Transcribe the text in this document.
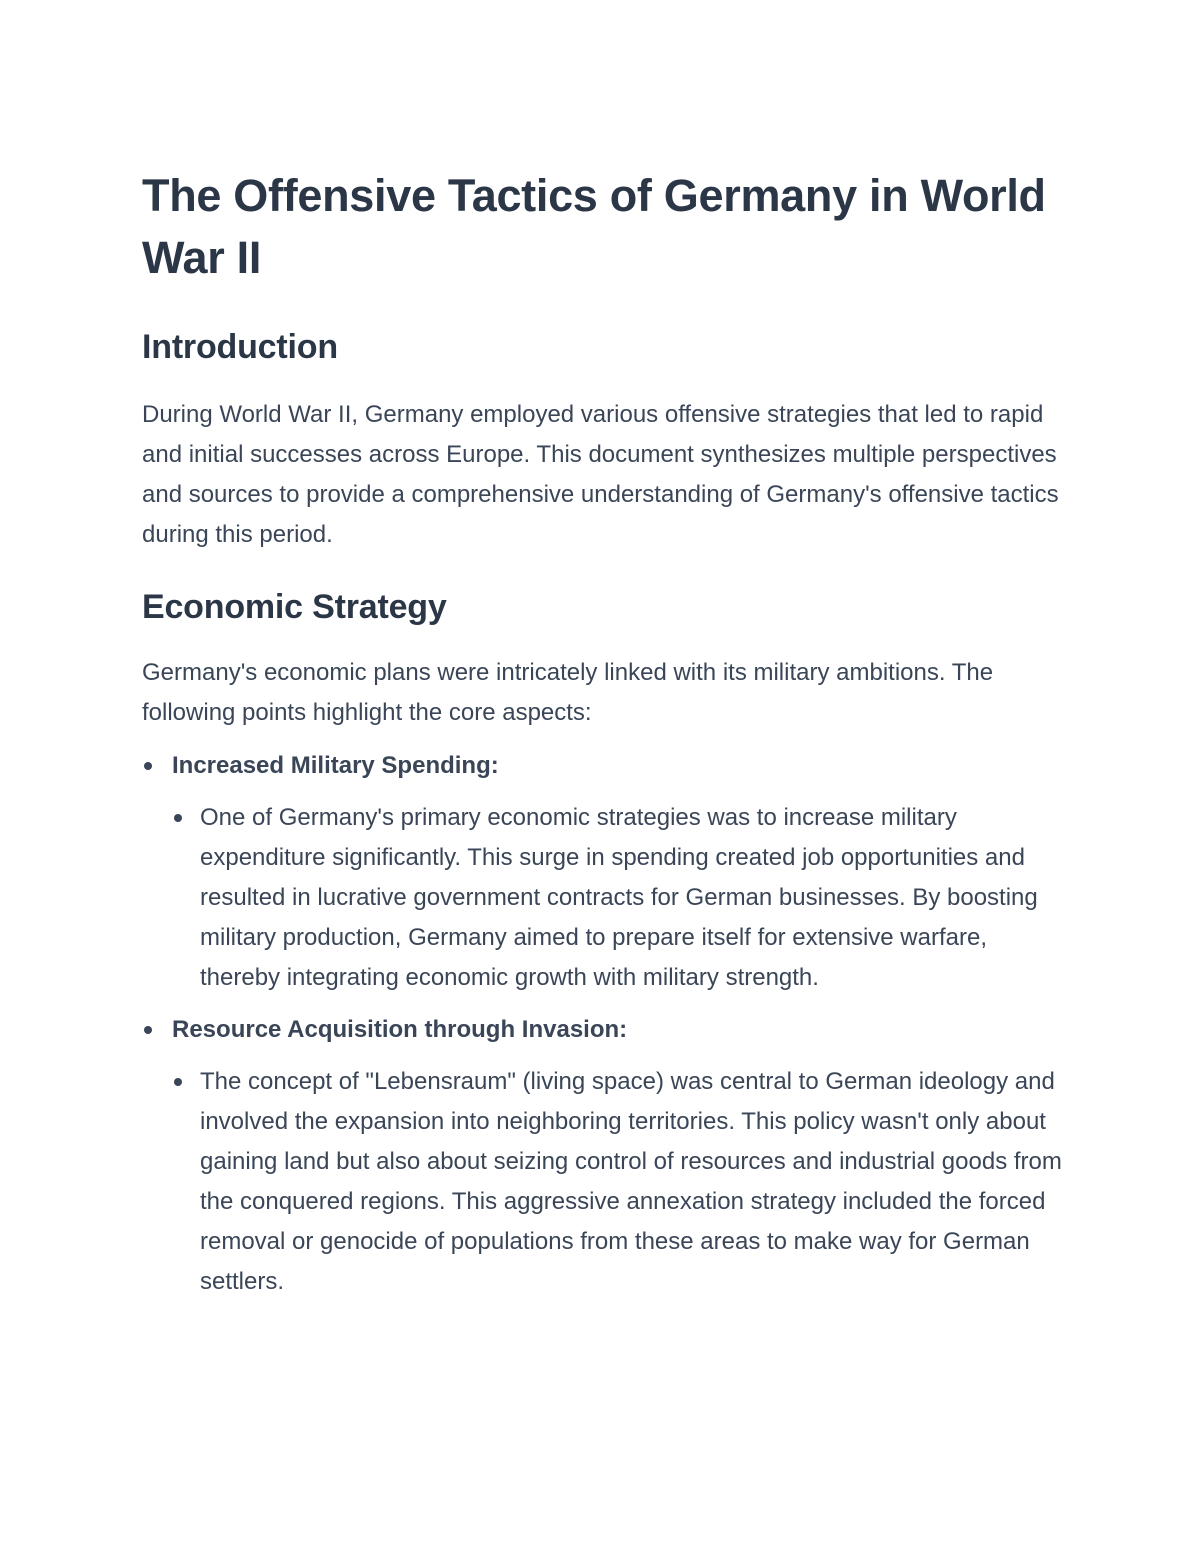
The Offensive Tactics of Germany in World War II
Introduction

During World War II, Germany employed various offensive strategies that led to rapid and initial successes across Europe. This document synthesizes multiple perspectives and sources to provide a comprehensive understanding of Germany's offensive tactics during this period.

Economic Strategy

Germany's economic plans were intricately linked with its military ambitions. The following points highlight the core aspects:

Increased Military Spending:
One of Germany's primary economic strategies was to increase military expenditure significantly. This surge in spending created job opportunities and resulted in lucrative government contracts for German businesses. By boosting military production, Germany aimed to prepare itself for extensive warfare, thereby integrating economic growth with military strength.
Resource Acquisition through Invasion:
The concept of "Lebensraum" (living space) was central to German ideology and involved the expansion into neighboring territories. This policy wasn't only about gaining land but also about seizing control of resources and industrial goods from the conquered regions. This aggressive annexation strategy included the forced removal or genocide of populations from these areas to make way for German settlers.
